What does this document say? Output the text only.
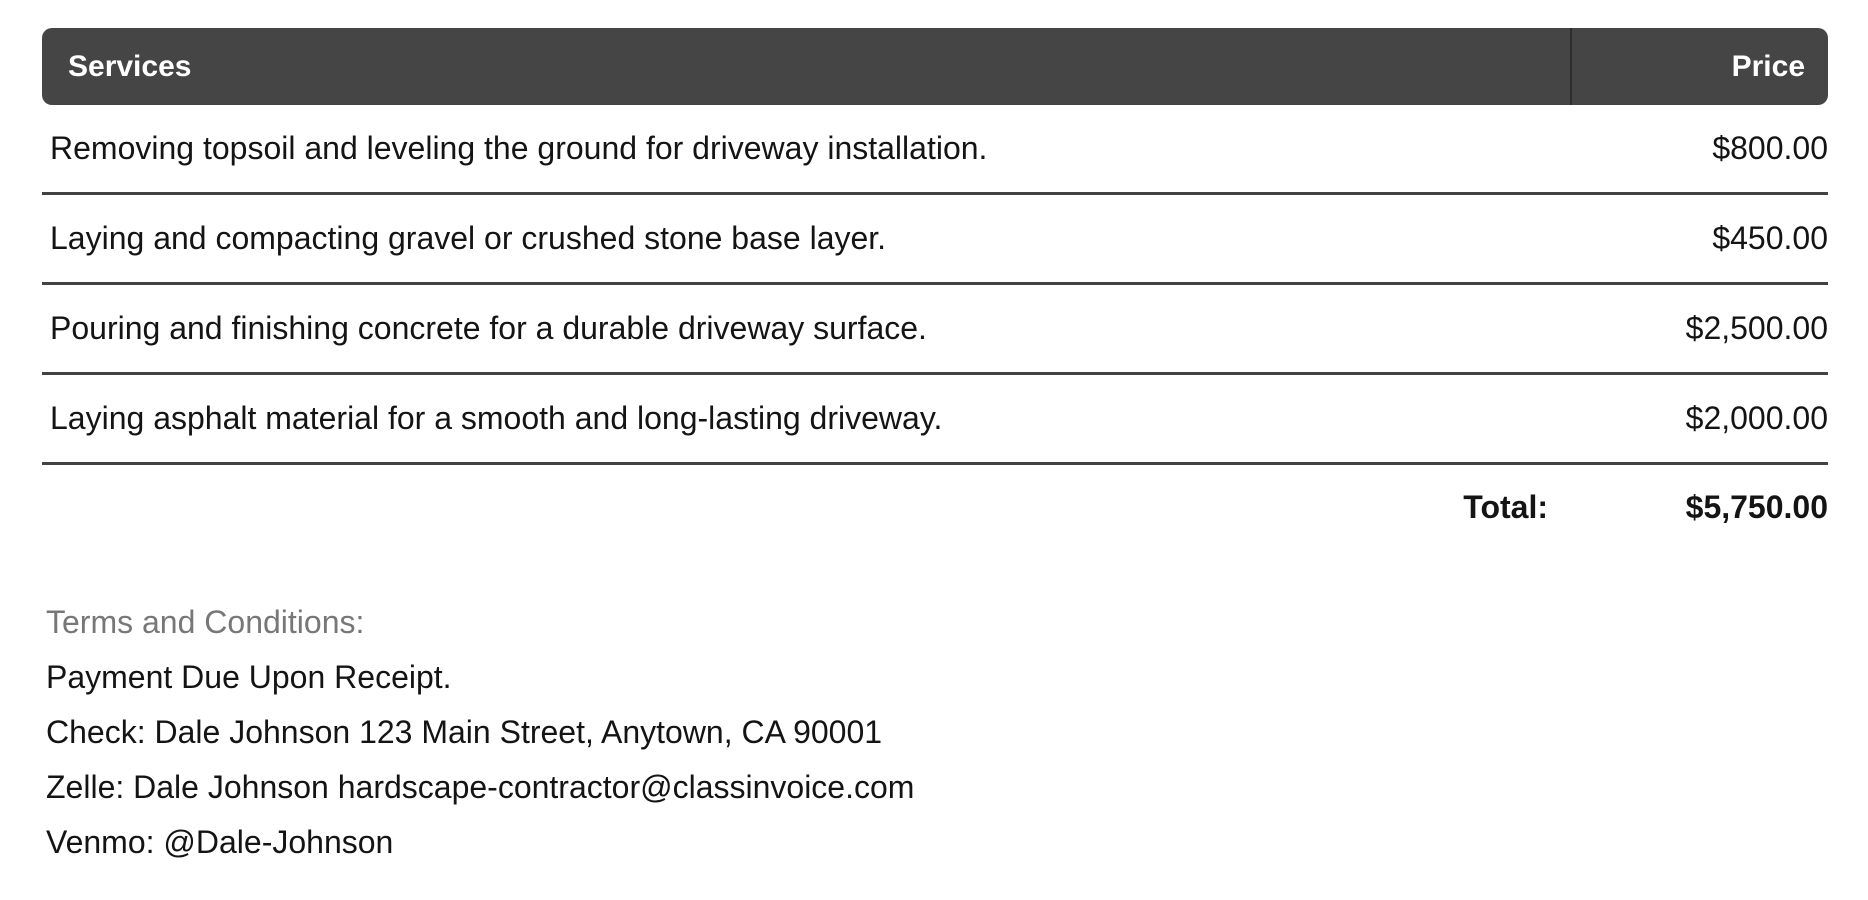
Services	Price
Removing topsoil and leveling the ground for driveway installation.	$800.00
Laying and compacting gravel or crushed stone base layer.	$450.00
Pouring and finishing concrete for a durable driveway surface.	$2,500.00
Laying asphalt material for a smooth and long-lasting driveway.	$2,000.00
Total:	$5,750.00
Terms and Conditions:
Payment Due Upon Receipt.
Check: Dale Johnson 123 Main Street, Anytown, CA 90001
Zelle: Dale Johnson hardscape-contractor@classinvoice.com
Venmo: @Dale-Johnson
